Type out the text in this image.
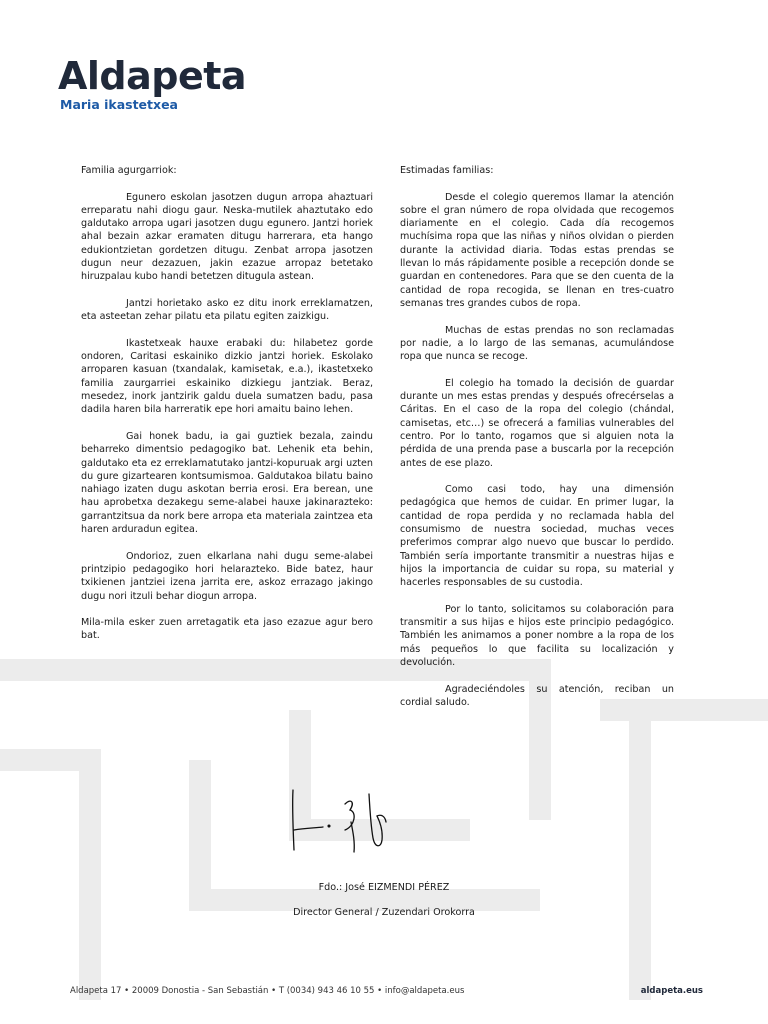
Aldapeta
Maria ikastetxea

Familia agurgarriok:

Egunero eskolan jasotzen dugun arropa ahaztuari erreparatu nahi diogu gaur. Neska-mutilek ahaztutako edo galdutako arropa ugari jasotzen dugu egunero. Jantzi horiek ahal bezain azkar eramaten ditugu harrerara, eta hango edukiontzietan gordetzen ditugu. Zenbat arropa jasotzen dugun neur dezazuen, jakin ezazue arropaz betetako hiruzpalau kubo handi betetzen ditugula astean.

Jantzi horietako asko ez ditu inork erreklamatzen, eta asteetan zehar pilatu eta pilatu egiten zaizkigu.

Ikastetxeak hauxe erabaki du: hilabetez gorde ondoren, Caritasi eskainiko dizkio jantzi horiek. Eskolako arroparen kasuan (txandalak, kamisetak, e.a.), ikastetxeko familia zaurgarriei eskainiko dizkiegu jantziak. Beraz, mesedez, inork jantzirik galdu duela sumatzen badu, pasa dadila haren bila harreratik epe hori amaitu baino lehen.

Gai honek badu, ia gai guztiek bezala, zaindu beharreko dimentsio pedagogiko bat. Lehenik eta behin, galdutako eta ez erreklamatutako jantzi-kopuruak argi uzten du gure gizartearen kontsumismoa. Galdutakoa bilatu baino nahiago izaten dugu askotan berria erosi. Era berean, une hau aprobetxa dezakegu seme-alabei hauxe jakinarazteko: garrantzitsua da nork bere arropa eta materiala zaintzea eta haren arduradun egitea.

Ondorioz, zuen elkarlana nahi dugu seme-alabei printzipio pedagogiko hori helarazteko. Bide batez, haur txikienen jantziei izena jarrita ere, askoz errazago jakingo dugu nori itzuli behar diogun arropa.

Mila-mila esker zuen arretagatik eta jaso ezazue agur bero bat.

Estimadas familias:

Desde el colegio queremos llamar la atención sobre el gran número de ropa olvidada que recogemos diariamente en el colegio. Cada día recogemos muchísima ropa que las niñas y niños olvidan o pierden durante la actividad diaria. Todas estas prendas se llevan lo más rápidamente posible a recepción donde se guardan en contenedores. Para que se den cuenta de la cantidad de ropa recogida, se llenan en tres-cuatro semanas tres grandes cubos de ropa.

Muchas de estas prendas no son reclamadas por nadie, a lo largo de las semanas, acumulándose ropa que nunca se recoge.

El colegio ha tomado la decisión de guardar durante un mes estas prendas y después ofrecérselas a Cáritas. En el caso de la ropa del colegio (chándal, camisetas, etc…) se ofrecerá a familias vulnerables del centro. Por lo tanto, rogamos que si alguien nota la pérdida de una prenda pase a buscarla por la recepción antes de ese plazo.

Como casi todo, hay una dimensión pedagógica que hemos de cuidar. En primer lugar, la cantidad de ropa perdida y no reclamada habla del consumismo de nuestra sociedad, muchas veces preferimos comprar algo nuevo que buscar lo perdido. También sería importante transmitir a nuestras hijas e hijos la importancia de cuidar su ropa, su material y hacerles responsables de su custodia.

Por lo tanto, solicitamos su colaboración para transmitir a sus hijas e hijos este principio pedagógico. También les animamos a poner nombre a la ropa de los más pequeños lo que facilita su localización y devolución.

Agradeciéndoles su atención, reciban un cordial saludo.

Fdo.: José EIZMENDI PÉREZ
Director General / Zuzendari Orokorra
Aldapeta 17 • 20009 Donostia - San Sebastián • T (0034) 943 46 10 55 • info@aldapeta.eus	aldapeta.eus
